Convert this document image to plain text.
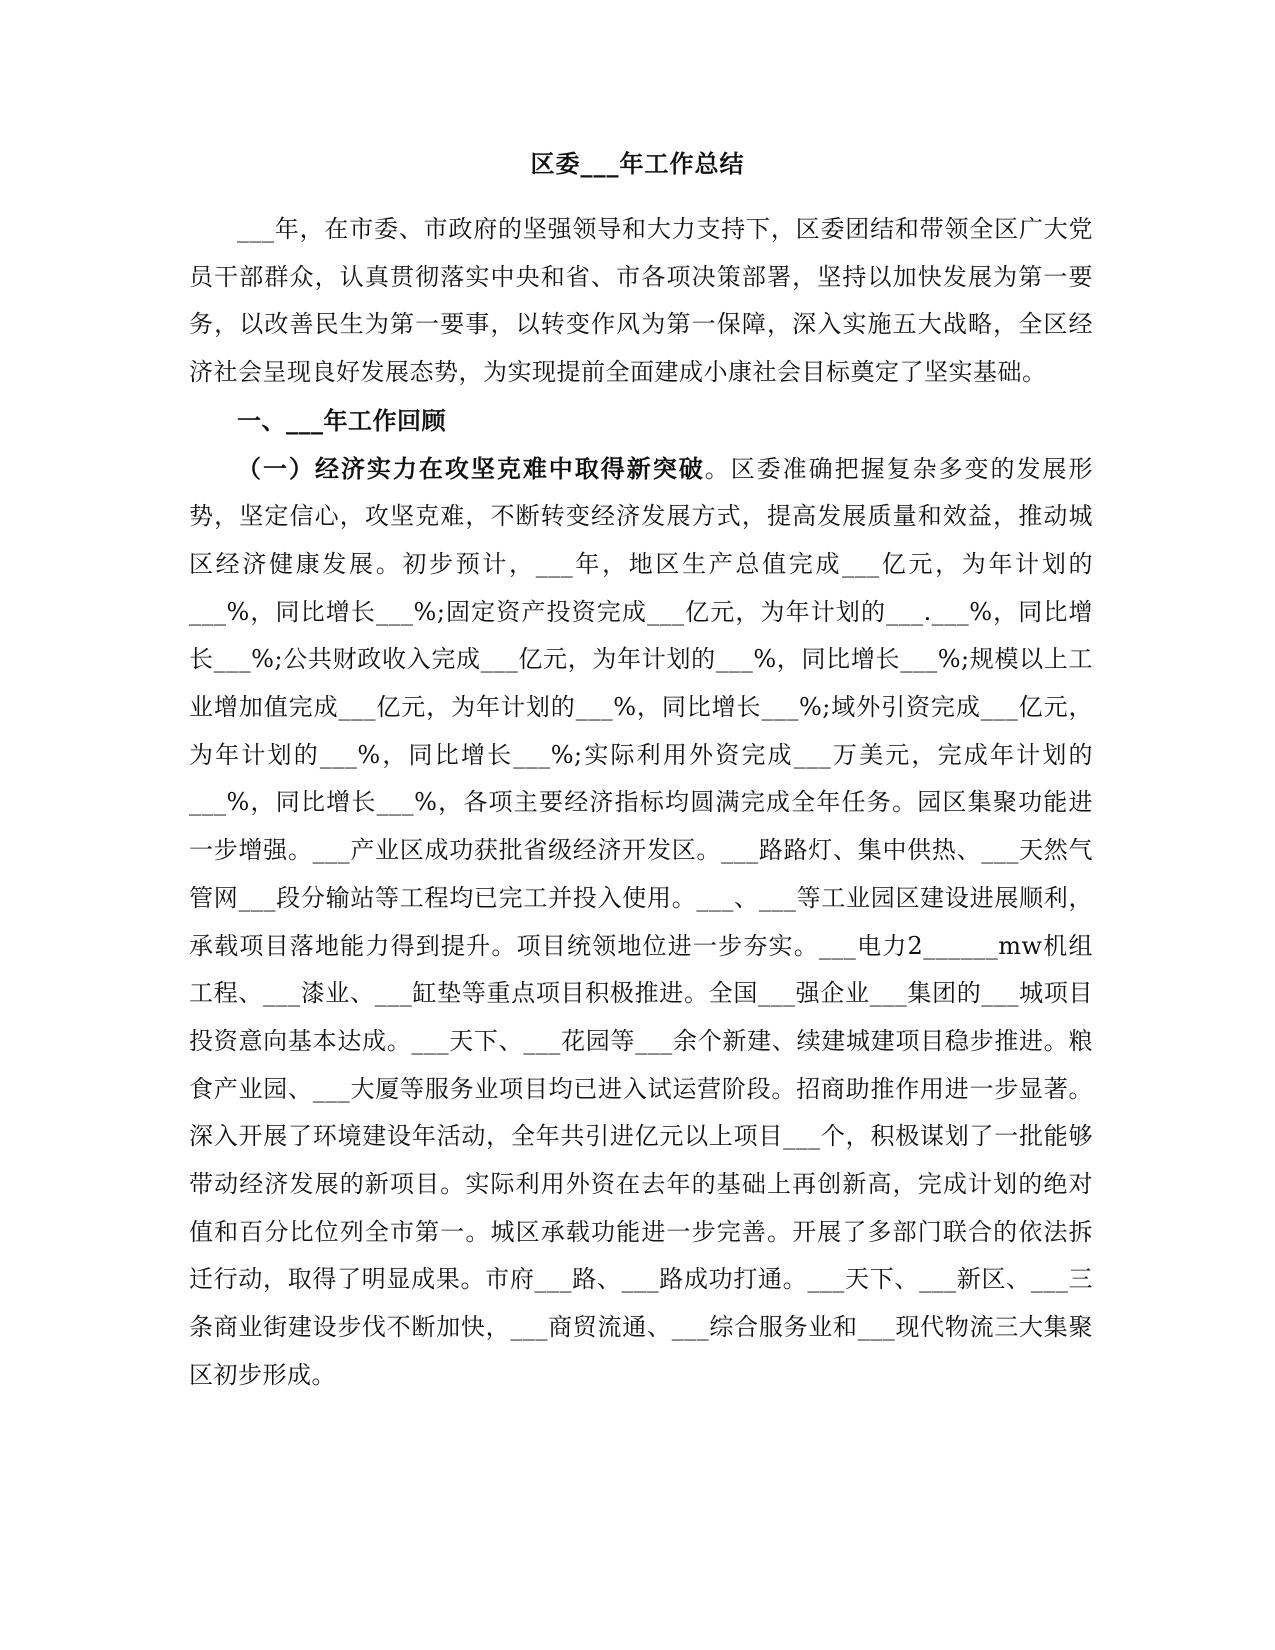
区委___年工作总结

___年，在市委、市政府的坚强领导和大力支持下，区委团结和带领全区广大党员干部群众，认真贯彻落实中央和省、市各项决策部署，坚持以加快发展为第一要务，以改善民生为第一要事，以转变作风为第一保障，深入实施五大战略，全区经济社会呈现良好发展态势，为实现提前全面建成小康社会目标奠定了坚实基础。

一、___年工作回顾

（一）经济实力在攻坚克难中取得新突破。区委准确把握复杂多变的发展形势，坚定信心，攻坚克难，不断转变经济发展方式，提高发展质量和效益，推动城区经济健康发展。初步预计，___年，地区生产总值完成___亿元，为年计划的___%，同比增长___%;固定资产投资完成___亿元，为年计划的___.___%，同比增长___%;公共财政收入完成___亿元，为年计划的___%，同比增长___%;规模以上工业增加值完成___亿元，为年计划的___%，同比增长___%;域外引资完成___亿元，为年计划的___%，同比增长___%;实际利用外资完成___万美元，完成年计划的___%，同比增长___%，各项主要经济指标均圆满完成全年任务。园区集聚功能进一步增强。___产业区成功获批省级经济开发区。___路路灯、集中供热、___天然气管网___段分输站等工程均已完工并投入使用。___、___等工业园区建设进展顺利，承载项目落地能力得到提升。项目统领地位进一步夯实。___电力2______mw机组工程、___漆业、___缸垫等重点项目积极推进。全国___强企业___集团的___城项目投资意向基本达成。___天下、___花园等___余个新建、续建城建项目稳步推进。粮食产业园、___大厦等服务业项目均已进入试运营阶段。招商助推作用进一步显著。深入开展了环境建设年活动，全年共引进亿元以上项目___个，积极谋划了一批能够带动经济发展的新项目。实际利用外资在去年的基础上再创新高，完成计划的绝对值和百分比位列全市第一。城区承载功能进一步完善。开展了多部门联合的依法拆迁行动，取得了明显成果。市府___路、___路成功打通。___天下、___新区、___三条商业街建设步伐不断加快，___商贸流通、___综合服务业和___现代物流三大集聚区初步形成。
